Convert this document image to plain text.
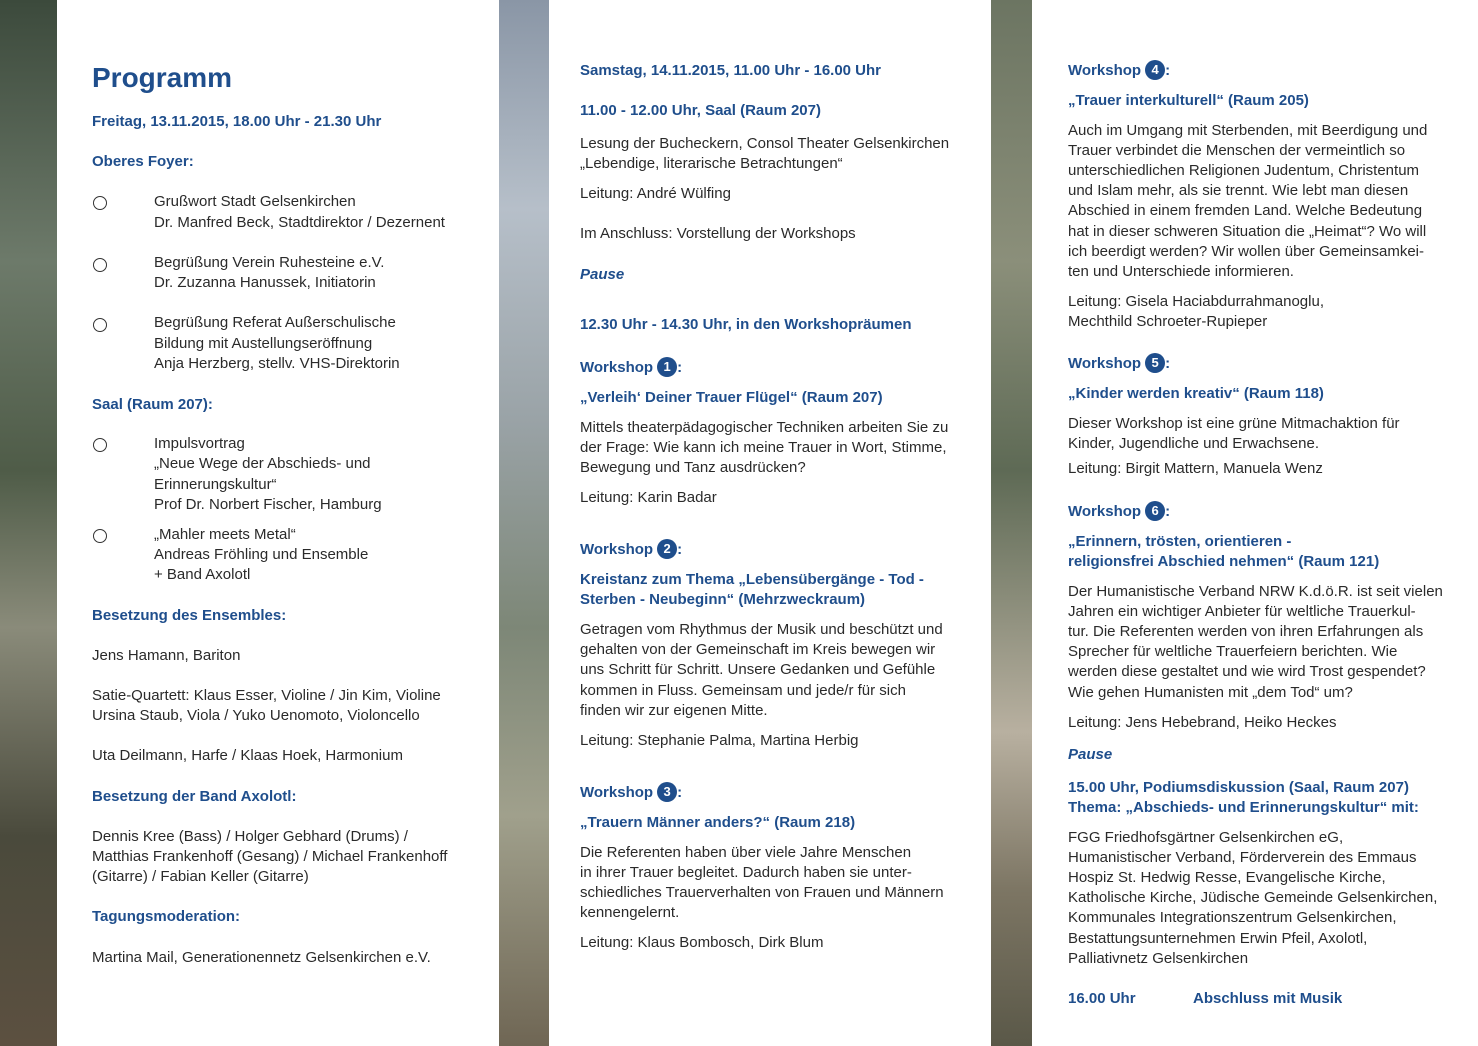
Programm
Freitag, 13.11.2015, 18.00 Uhr - 21.30 Uhr
Oberes Foyer:
Grußwort Stadt Gelsenkirchen
Dr. Manfred Beck, Stadtdirektor / Dezernent
Begrüßung Verein Ruhesteine e.V.
Dr. Zuzanna Hanussek, Initiatorin
Begrüßung Referat Außerschulische
Bildung mit Austellungseröffnung
Anja Herzberg, stellv. VHS-Direktorin
Saal (Raum 207):
Impulsvortrag
„Neue Wege der Abschieds- und
Erinnerungskultur“
Prof Dr. Norbert Fischer, Hamburg
„Mahler meets Metal“
Andreas Fröhling und Ensemble
+ Band Axolotl
Besetzung des Ensembles:
Jens Hamann, Bariton
Satie-Quartett: Klaus Esser, Violine / Jin Kim, Violine
Ursina Staub, Viola / Yuko Uenomoto, Violoncello
Uta Deilmann, Harfe / Klaas Hoek, Harmonium
Besetzung der Band Axolotl:
Dennis Kree (Bass) / Holger Gebhard (Drums) /
Matthias Frankenhoff (Gesang) / Michael Frankenhoff
(Gitarre) / Fabian Keller (Gitarre)
Tagungsmoderation:
Martina Mail, Generationennetz Gelsenkirchen e.V.
Samstag, 14.11.2015, 11.00 Uhr - 16.00 Uhr
11.00 - 12.00 Uhr, Saal (Raum 207)
Lesung der Bucheckern, Consol Theater Gelsenkirchen
„Lebendige, literarische Betrachtungen“
Leitung: André Wülfing
Im Anschluss: Vorstellung der Workshops
Pause
12.30 Uhr - 14.30 Uhr, in den Workshopräumen
Workshop 1 :
„Verleih‘ Deiner Trauer Flügel“ (Raum 207)
Mittels theaterpädagogischer Techniken arbeiten Sie zu
der Frage: Wie kann ich meine Trauer in Wort, Stimme,
Bewegung und Tanz ausdrücken?
Leitung: Karin Badar
Workshop 2 :
Kreistanz zum Thema „Lebensübergänge - Tod -
Sterben - Neubeginn“ (Mehrzweckraum)
Getragen vom Rhythmus der Musik und beschützt und
gehalten von der Gemeinschaft im Kreis bewegen wir
uns Schritt für Schritt. Unsere Gedanken und Gefühle
kommen in Fluss. Gemeinsam und jede/r für sich
finden wir zur eigenen Mitte.
Leitung: Stephanie Palma, Martina Herbig
Workshop 3 :
„Trauern Männer anders?“ (Raum 218)
Die Referenten haben über viele Jahre Menschen
in ihrer Trauer begleitet. Dadurch haben sie unter-
schiedliches Trauerverhalten von Frauen und Männern
kennengelernt.
Leitung: Klaus Bombosch, Dirk Blum
Workshop 4 :
„Trauer interkulturell“ (Raum 205)
Auch im Umgang mit Sterbenden, mit Beerdigung und
Trauer verbindet die Menschen der vermeintlich so
unterschiedlichen Religionen Judentum, Christentum
und Islam mehr, als sie trennt. Wie lebt man diesen
Abschied in einem fremden Land. Welche Bedeutung
hat in dieser schweren Situation die „Heimat“? Wo will
ich beerdigt werden? Wir wollen über Gemeinsamkei-
ten und Unterschiede informieren.
Leitung: Gisela Haciabdurrahmanoglu,
Mechthild Schroeter-Rupieper
Workshop 5 :
„Kinder werden kreativ“ (Raum 118)
Dieser Workshop ist eine grüne Mitmachaktion für
Kinder, Jugendliche und Erwachsene.
Leitung: Birgit Mattern, Manuela Wenz
Workshop 6 :
„Erinnern, trösten, orientieren -
religionsfrei Abschied nehmen“ (Raum 121)
Der Humanistische Verband NRW K.d.ö.R. ist seit vielen
Jahren ein wichtiger Anbieter für weltliche Trauerkul-
tur. Die Referenten werden von ihren Erfahrungen als
Sprecher für weltliche Trauerfeiern berichten. Wie
werden diese gestaltet und wie wird Trost gespendet?
Wie gehen Humanisten mit „dem Tod“ um?
Leitung: Jens Hebebrand, Heiko Heckes
Pause
15.00 Uhr, Podiumsdiskussion (Saal, Raum 207)
Thema: „Abschieds- und Erinnerungskultur“ mit:
FGG Friedhofsgärtner Gelsenkirchen eG,
Humanistischer Verband, Förderverein des Emmaus
Hospiz St. Hedwig Resse, Evangelische Kirche,
Katholische Kirche, Jüdische Gemeinde Gelsenkirchen,
Kommunales Integrationszentrum Gelsenkirchen,
Bestattungsunternehmen Erwin Pfeil, Axolotl,
Palliativnetz Gelsenkirchen
16.00 Uhr	Abschluss mit Musik
